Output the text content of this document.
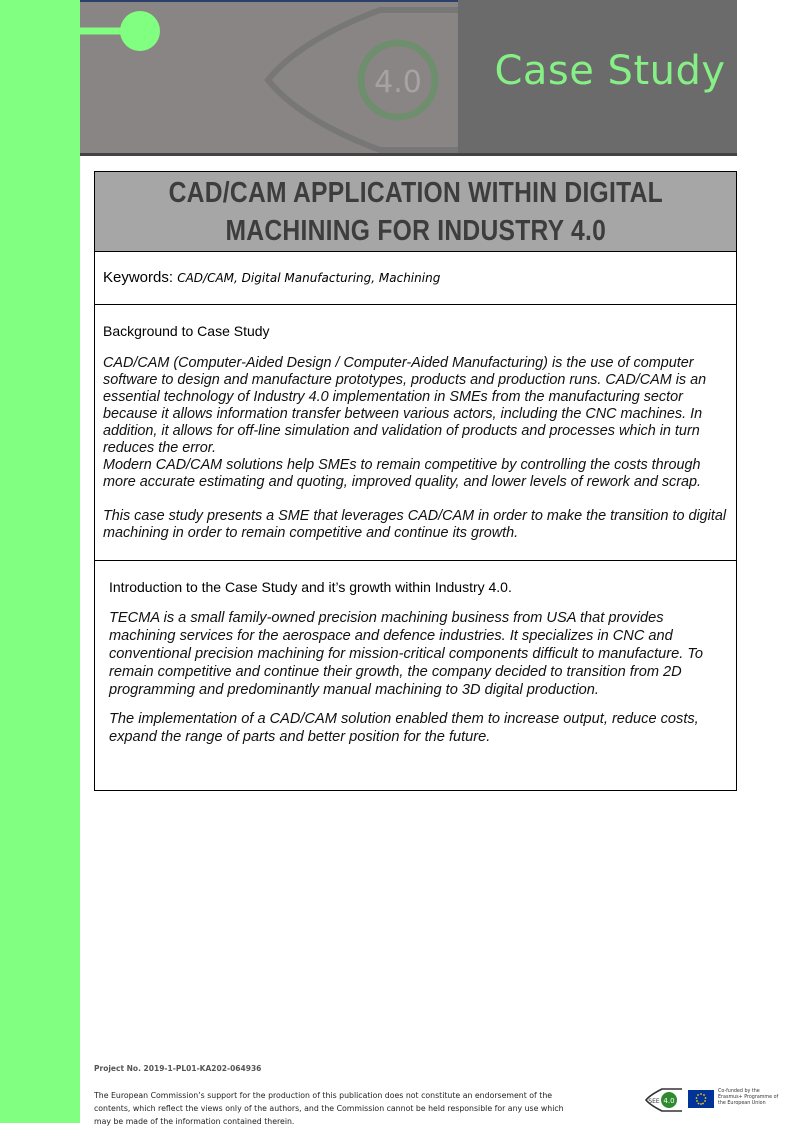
4.0 Case Study
CAD/CAM APPLICATION WITHIN DIGITAL
MACHINING FOR INDUSTRY 4.0
Keywords: CAD/CAM, Digital Manufacturing, Machining

Background to Case Study

CAD/CAM (Computer-Aided Design / Computer-Aided Manufacturing) is the use of computer software to design and manufacture prototypes, products and production runs. CAD/CAM is an essential technology of Industry 4.0 implementation in SMEs from the manufacturing sector because it allows information transfer between various actors, including the CNC machines. In addition, it allows for off-line simulation and validation of products and processes which in turn reduces the error.

Modern CAD/CAM solutions help SMEs to remain competitive by controlling the costs through more accurate estimating and quoting, improved quality, and lower levels of rework and scrap.

This case study presents a SME that leverages CAD/CAM in order to make the transition to digital machining in order to remain competitive and continue its growth.

Introduction to the Case Study and it’s growth within Industry 4.0.

TECMA is a small family-owned precision machining business from USA that provides machining services for the aerospace and defence industries. It specializes in CNC and conventional precision machining for mission-critical components difficult to manufacture. To remain competitive and continue their growth, the company decided to transition from 2D programming and predominantly manual machining to 3D digital production.

The implementation of a CAD/CAM solution enabled them to increase output, reduce costs, expand the range of parts and better position for the future.

Project No. 2019-1-PL01-KA202-064936
The European Commission’s support for the production of this publication does not constitute an endorsement of the contents, which reflect the views only of the authors, and the Commission cannot be held responsible for any use which may be made of the information contained therein.
4.0
SEE
Co-funded by the Erasmus+ Programme of the European Union
